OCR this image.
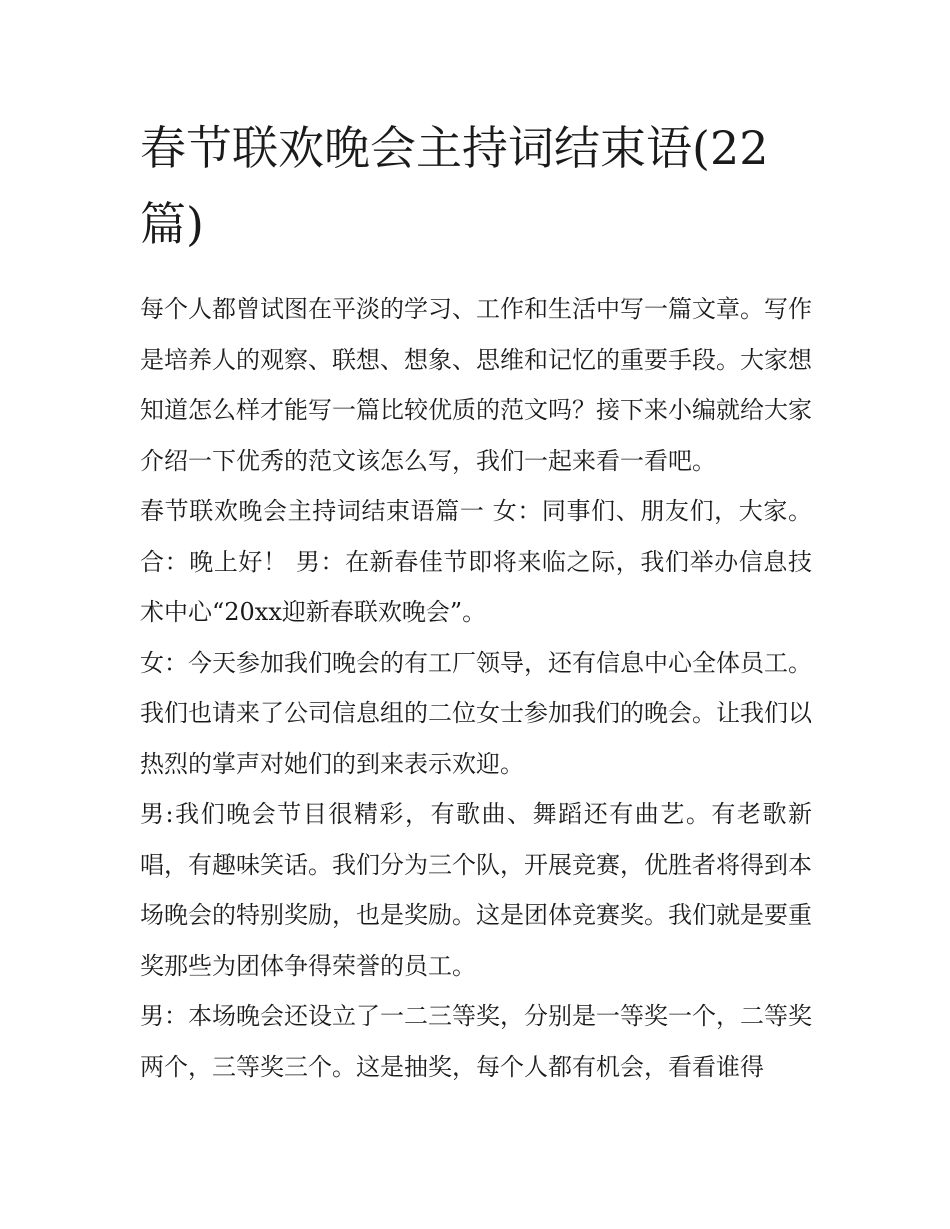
春节联欢晚会主持词结束语(22篇)

每个人都曾试图在平淡的学习、工作和生活中写一篇文章。写作是培养人的观察、联想、想象、思维和记忆的重要手段。大家想知道怎么样才能写一篇比较优质的范文吗？接下来小编就给大家介绍一下优秀的范文该怎么写，我们一起来看一看吧。

春节联欢晚会主持词结束语篇一 女：同事们、朋友们，大家。 合：晚上好！ 男：在新春佳节即将来临之际，我们举办信息技术中心“20xx迎新春联欢晚会”。

女：今天参加我们晚会的有工厂领导，还有信息中心全体员工。我们也请来了公司信息组的二位女士参加我们的晚会。让我们以热烈的掌声对她们的到来表示欢迎。

男:我们晚会节目很精彩，有歌曲、舞蹈还有曲艺。有老歌新唱，有趣味笑话。我们分为三个队，开展竞赛，优胜者将得到本场晚会的特别奖励，也是奖励。这是团体竞赛奖。我们就是要重奖那些为团体争得荣誉的员工。

男：本场晚会还设立了一二三等奖，分别是一等奖一个，二等奖两个，三等奖三个。这是抽奖，每个人都有机会，看看谁得
